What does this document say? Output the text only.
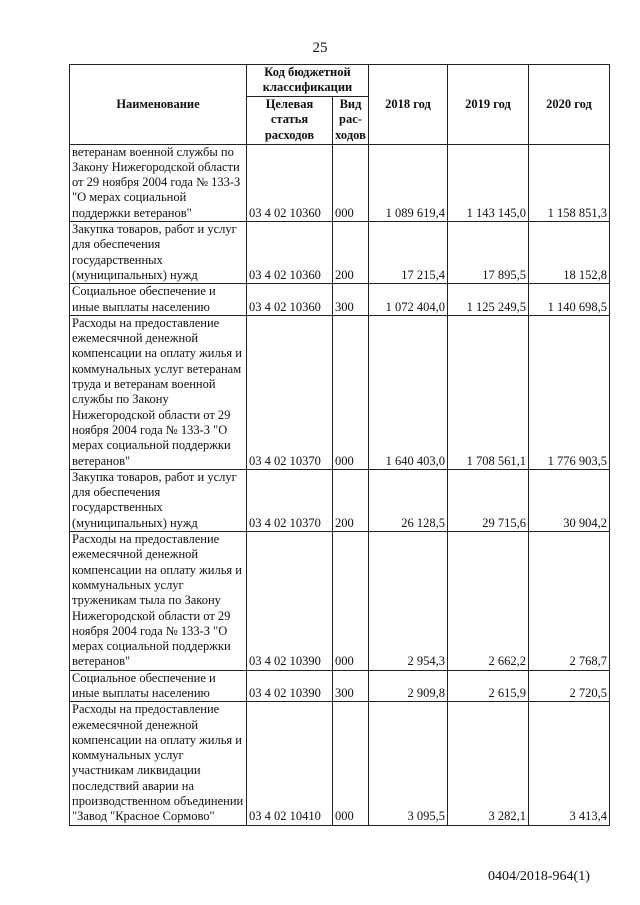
25
Наименование	Код бюджетной классификации		2018 год	2019 год	2020 год
	Целевая статья расходов	Вид рас- ходов			
ветеранам военной службы по Закону Нижегородской области от 29 ноября 2004 года № 133-З "О мерах социальной поддержки ветеранов"	03 4 02 10360	000	1 089 619,4	1 143 145,0	1 158 851,3
Закупка товаров, работ и услуг для обеспечения государственных (муниципальных) нужд	03 4 02 10360	200	17 215,4	17 895,5	18 152,8
Социальное обеспечение и иные выплаты населению	03 4 02 10360	300	1 072 404,0	1 125 249,5	1 140 698,5
Расходы на предоставление ежемесячной денежной компенсации на оплату жилья и коммунальных услуг ветеранам труда и ветеранам военной службы по Закону Нижегородской области от 29 ноября 2004 года № 133-З "О мерах социальной поддержки ветеранов"	03 4 02 10370	000	1 640 403,0	1 708 561,1	1 776 903,5
Закупка товаров, работ и услуг для обеспечения государственных (муниципальных) нужд	03 4 02 10370	200	26 128,5	29 715,6	30 904,2
Расходы на предоставление ежемесячной денежной компенсации на оплату жилья и коммунальных услуг труженикам тыла по Закону Нижегородской области от 29 ноября 2004 года № 133-З "О мерах социальной поддержки ветеранов"	03 4 02 10390	000	2 954,3	2 662,2	2 768,7
Социальное обеспечение и иные выплаты населению	03 4 02 10390	300	2 909,8	2 615,9	2 720,5
Расходы на предоставление ежемесячной денежной компенсации на оплату жилья и коммунальных услуг участникам ликвидации последствий аварии на производственном объединении "Завод "Красное Сормово"	03 4 02 10410	000	3 095,5	3 282,1	3 413,4
0404/2018-964(1)
